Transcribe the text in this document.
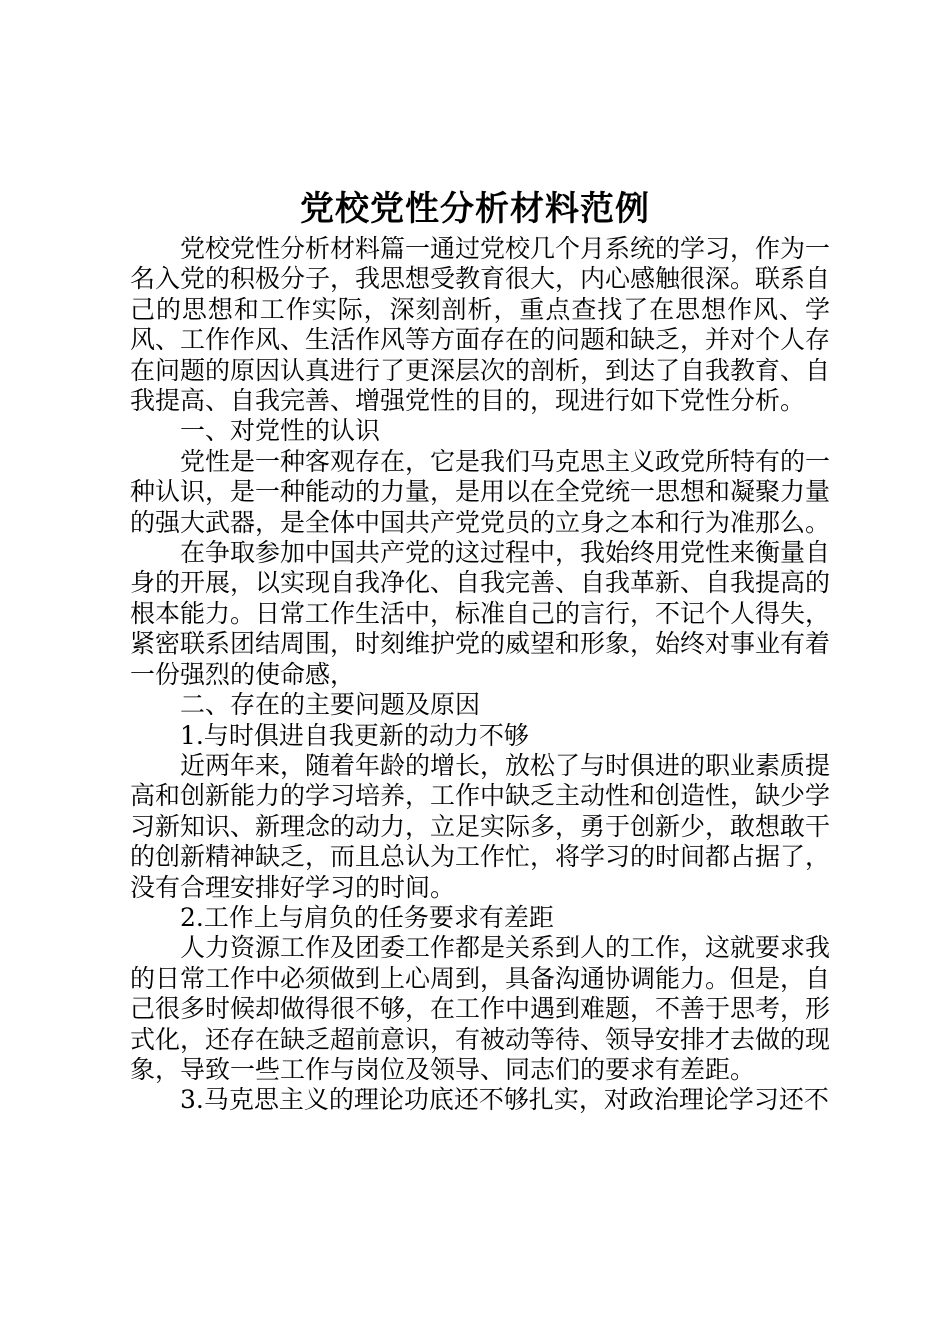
党校党性分析材料范例

党校党性分析材料篇一通过党校几个月系统的学习，作为一名入党的积极分子，我思想受教育很大，内心感触很深。联系自己的思想和工作实际，深刻剖析，重点查找了在思想作风、学风、工作作风、生活作风等方面存在的问题和缺乏，并对个人存在问题的原因认真进行了更深层次的剖析，到达了自我教育、自我提高、自我完善、增强党性的目的，现进行如下党性分析。

一、对党性的认识

党性是一种客观存在，它是我们马克思主义政党所特有的一种认识，是一种能动的力量，是用以在全党统一思想和凝聚力量的强大武器，是全体中国共产党党员的立身之本和行为准那么。

在争取参加中国共产党的这过程中，我始终用党性来衡量自身的开展，以实现自我净化、自我完善、自我革新、自我提高的根本能力。日常工作生活中，标准自己的言行，不记个人得失，紧密联系团结周围，时刻维护党的威望和形象，始终对事业有着一份强烈的使命感，

二、存在的主要问题及原因

1.与时俱进自我更新的动力不够

近两年来，随着年龄的增长，放松了与时俱进的职业素质提高和创新能力的学习培养，工作中缺乏主动性和创造性，缺少学习新知识、新理念的动力，立足实际多，勇于创新少，敢想敢干的创新精神缺乏，而且总认为工作忙，将学习的时间都占据了，没有合理安排好学习的时间。

2.工作上与肩负的任务要求有差距

人力资源工作及团委工作都是关系到人的工作，这就要求我的日常工作中必须做到上心周到，具备沟通协调能力。但是，自己很多时候却做得很不够，在工作中遇到难题，不善于思考，形式化，还存在缺乏超前意识，有被动等待、领导安排才去做的现象，导致一些工作与岗位及领导、同志们的要求有差距。

3.马克思主义的理论功底还不够扎实，对政治理论学习还不
